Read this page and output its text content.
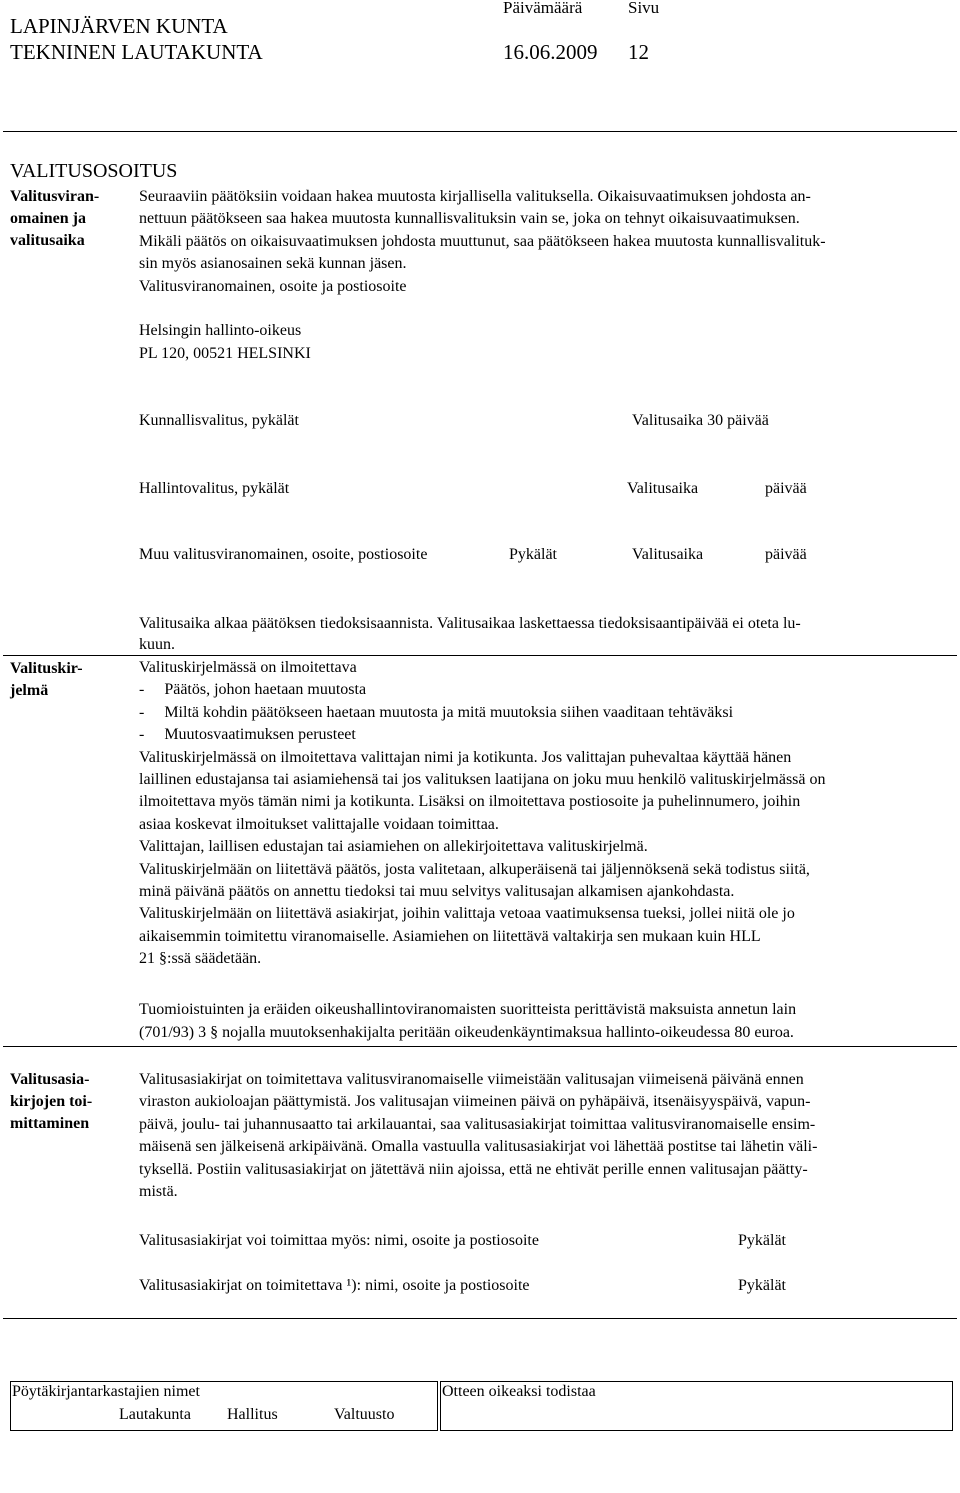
LAPINJÄRVEN KUNTA
TEKNINEN LAUTAKUNTA
Päivämäärä	Sivu
16.06.2009 12
VALITUSOSOITUS
Valitusviran-
omainen ja
valitusaika
Seuraaviin päätöksiin voidaan hakea muutosta kirjallisella valituksella. Oikaisuvaatimuksen johdosta an-
nettuun päätökseen saa hakea muutosta kunnallisvalituksin vain se, joka on tehnyt oikaisuvaatimuksen.
Mikäli päätös on oikaisuvaatimuksen johdosta muuttunut, saa päätökseen hakea muutosta kunnallisvalituk-
sin myös asianosainen sekä kunnan jäsen.
Valitusviranomainen, osoite ja postiosoite
Helsingin hallinto-oikeus
PL 120, 00521 HELSINKI
Kunnallisvalitus, pykälät	Valitusaika 30 päivää
Hallintovalitus, pykälät	Valitusaika	päivää
Muu valitusviranomainen, osoite, postiosoite	Pykälät	Valitusaika	päivää
Valitusaika alkaa päätöksen tiedoksisaannista. Valitusaikaa laskettaessa tiedoksisaantipäivää ei oteta lu-
kuun.
Valituskir-
jelmä
Valituskirjelmässä on ilmoitettava
-     Päätös, johon haetaan muutosta
-     Miltä kohdin päätökseen haetaan muutosta ja mitä muutoksia siihen vaaditaan tehtäväksi
-     Muutosvaatimuksen perusteet
Valituskirjelmässä on ilmoitettava valittajan nimi ja kotikunta. Jos valittajan puhevaltaa käyttää hänen
laillinen edustajansa tai asiamiehensä tai jos valituksen laatijana on joku muu henkilö valituskirjelmässä on
ilmoitettava myös tämän nimi ja kotikunta. Lisäksi on ilmoitettava postiosoite ja puhelinnumero, joihin
asiaa koskevat ilmoitukset valittajalle voidaan toimittaa.
Valittajan, laillisen edustajan tai asiamiehen on allekirjoitettava valituskirjelmä.
Valituskirjelmään on liitettävä päätös, josta valitetaan, alkuperäisenä tai jäljennöksenä sekä todistus siitä,
minä päivänä päätös on annettu tiedoksi tai muu selvitys valitusajan alkamisen ajankohdasta.
Valituskirjelmään on liitettävä asiakirjat, joihin valittaja vetoaa vaatimuksensa tueksi, jollei niitä ole jo
aikaisemmin toimitettu viranomaiselle. Asiamiehen on liitettävä valtakirja sen mukaan kuin HLL
21 §:ssä säädetään.
Tuomioistuinten ja eräiden oikeushallintoviranomaisten suoritteista perittävistä maksuista annetun lain
(701/93) 3 § nojalla muutoksenhakijalta peritään oikeudenkäyntimaksua hallinto-oikeudessa 80 euroa.
Valitusasia-
kirjojen toi-
mittaminen
Valitusasiakirjat on toimitettava valitusviranomaiselle viimeistään valitusajan viimeisenä päivänä ennen
viraston aukioloajan päättymistä. Jos valitusajan viimeinen päivä on pyhäpäivä, itsenäisyyspäivä, vapun-
päivä, joulu- tai juhannusaatto tai arkilauantai, saa valitusasiakirjat toimittaa valitusviranomaiselle ensim-
mäisenä sen jälkeisenä arkipäivänä. Omalla vastuulla valitusasiakirjat voi lähettää postitse tai lähetin väli-
tyksellä. Postiin valitusasiakirjat on jätettävä niin ajoissa, että ne ehtivät perille ennen valitusajan päätty-
mistä.
Valitusasiakirjat voi toimittaa myös: nimi, osoite ja postiosoite	Pykälät
Valitusasiakirjat on toimitettava ¹): nimi, osoite ja postiosoite	Pykälät
Pöytäkirjantarkastajien nimet
Lautakunta Hallitus	Valtuusto
Otteen oikeaksi todistaa
